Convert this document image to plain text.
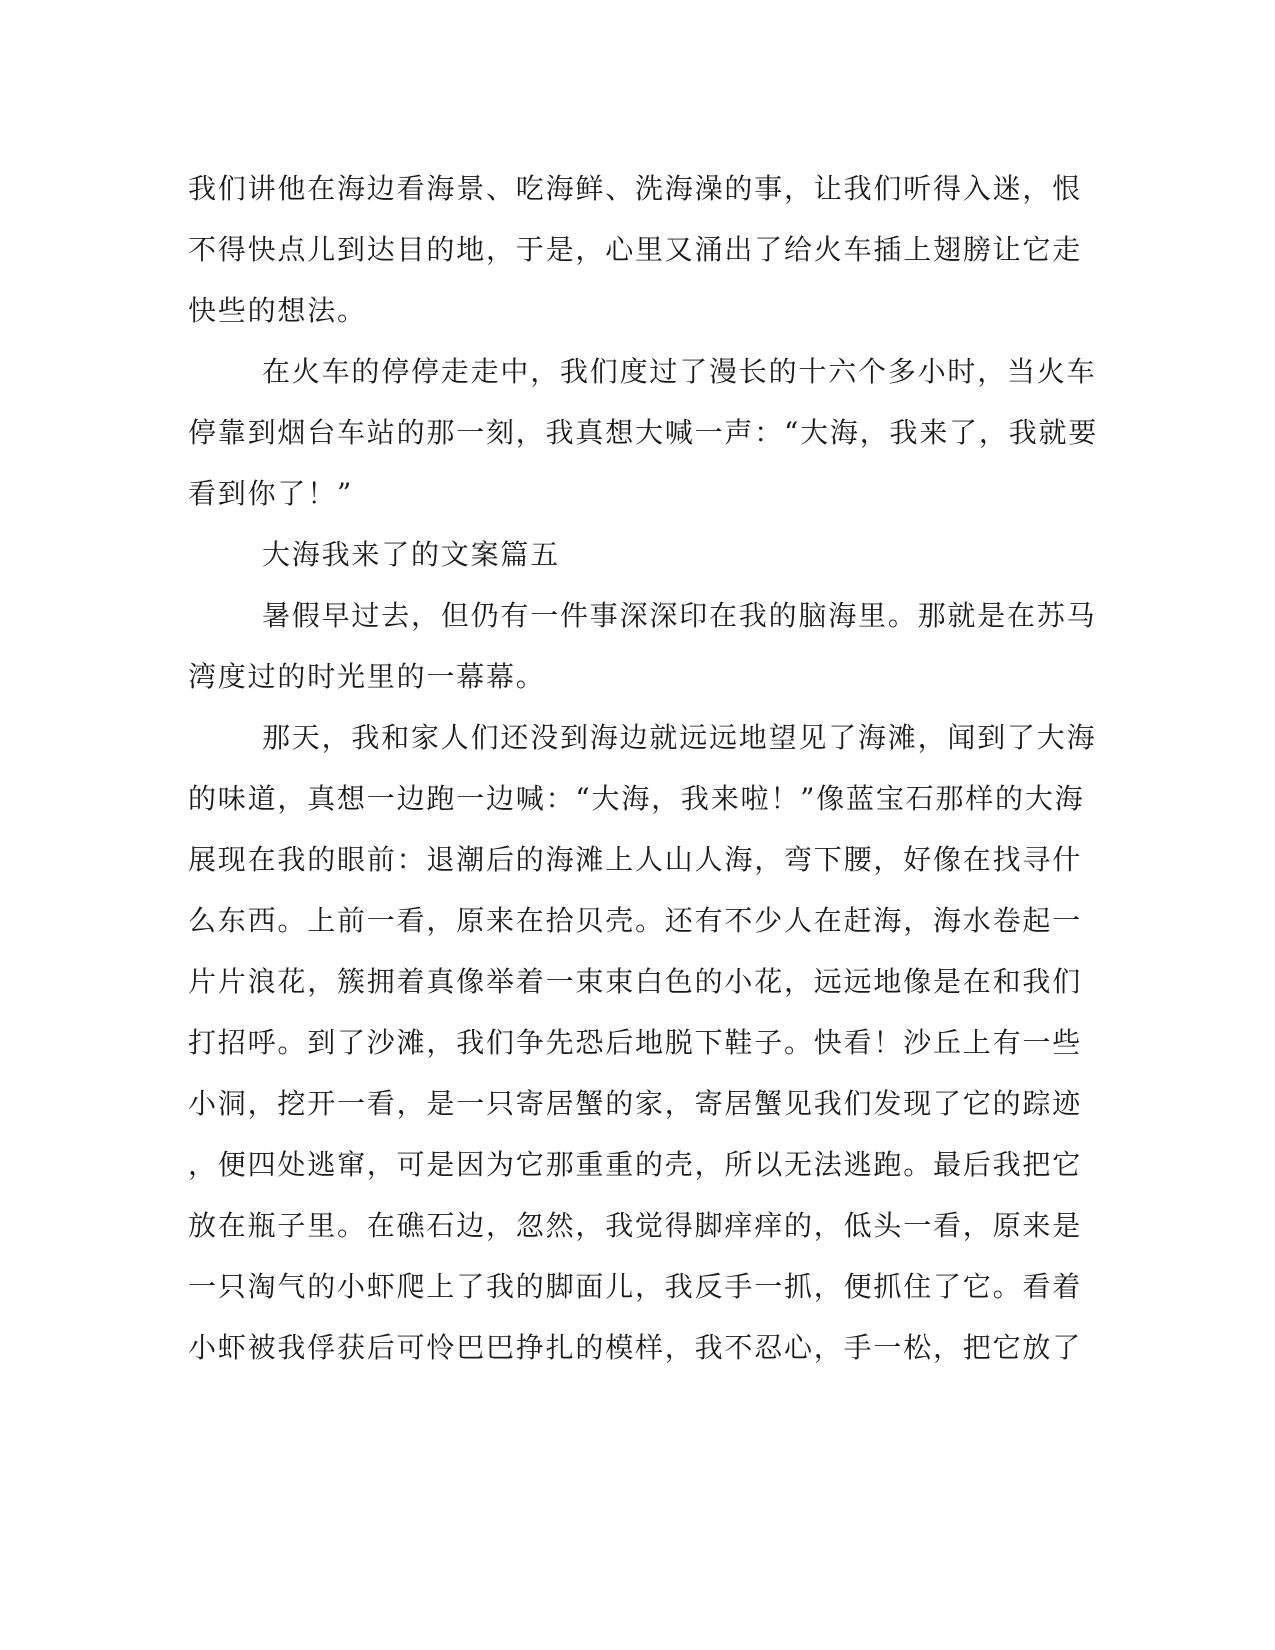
我们讲他在海边看海景、吃海鲜、洗海澡的事，让我们听得入迷，恨
不得快点儿到达目的地，于是，心里又涌出了给火车插上翅膀让它走
快些的想法。
在火车的停停走走中，我们度过了漫长的十六个多小时，当火车
停靠到烟台车站的那一刻，我真想大喊一声：“大海，我来了，我就要
看到你了！”
大海我来了的文案篇五
暑假早过去，但仍有一件事深深印在我的脑海里。那就是在苏马
湾度过的时光里的一幕幕。
那天，我和家人们还没到海边就远远地望见了海滩，闻到了大海
的味道，真想一边跑一边喊：“大海，我来啦！”像蓝宝石那样的大海
展现在我的眼前：退潮后的海滩上人山人海，弯下腰，好像在找寻什
么东西。上前一看，原来在拾贝壳。还有不少人在赶海，海水卷起一
片片浪花，簇拥着真像举着一束束白色的小花，远远地像是在和我们
打招呼。到了沙滩，我们争先恐后地脱下鞋子。快看！沙丘上有一些
小洞，挖开一看，是一只寄居蟹的家，寄居蟹见我们发现了它的踪迹
，便四处逃窜，可是因为它那重重的壳，所以无法逃跑。最后我把它
放在瓶子里。在礁石边，忽然，我觉得脚痒痒的，低头一看，原来是
一只淘气的小虾爬上了我的脚面儿，我反手一抓，便抓住了它。看着
小虾被我俘获后可怜巴巴挣扎的模样，我不忍心，手一松，把它放了
